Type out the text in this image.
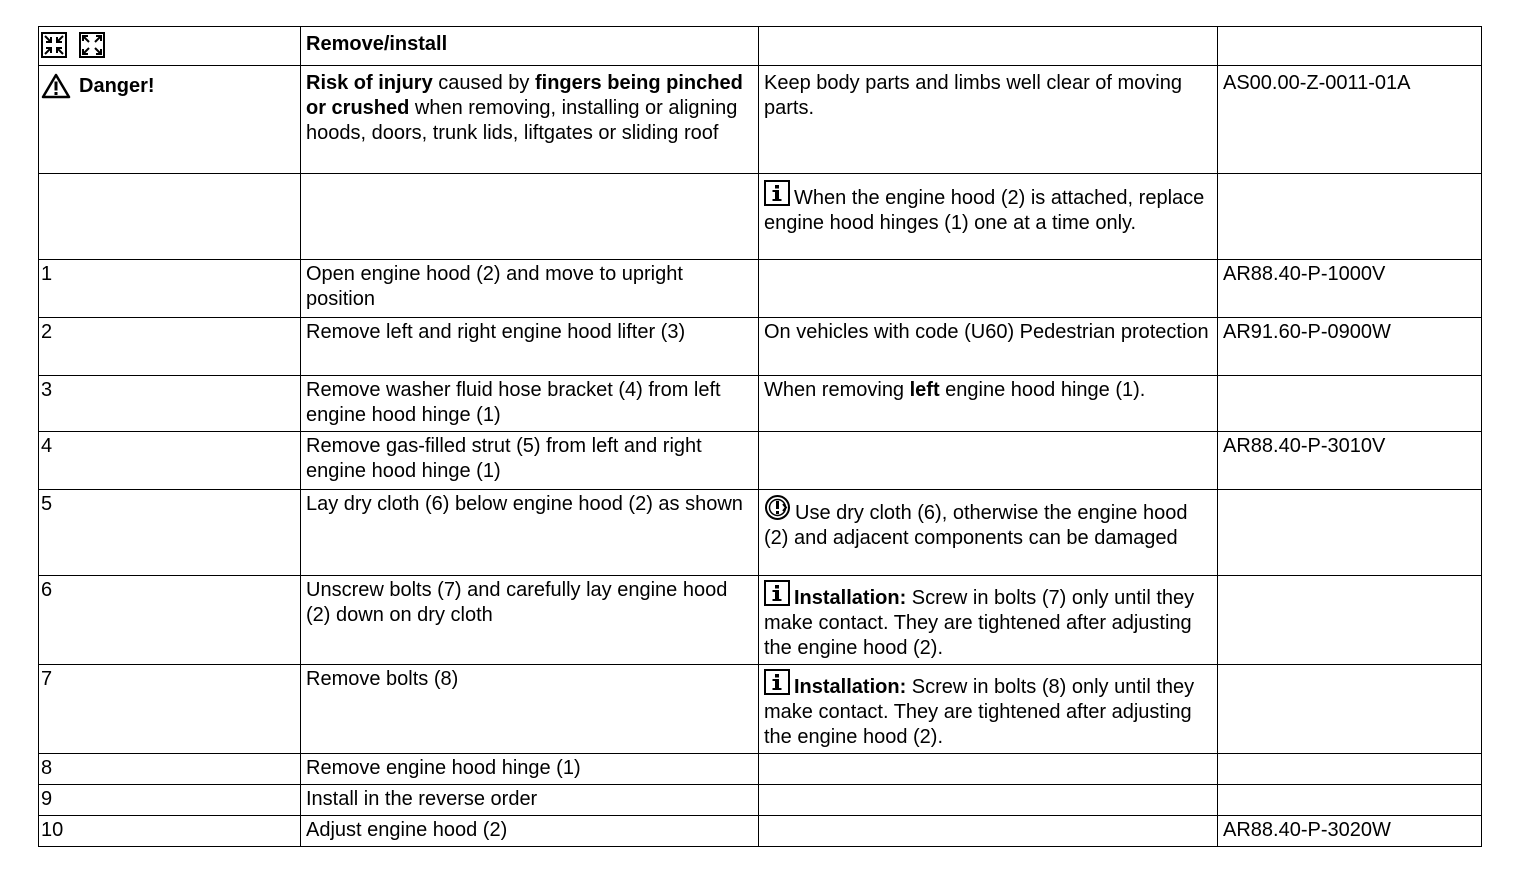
	Remove/install		

Danger!	Risk of injury caused by fingers being pinched or crushed when removing, installing or aligning hoods, doors, trunk lids, liftgates or sliding roof	Keep body parts and limbs well clear of moving parts.	AS00.00-Z-0011-01A
		When the engine hood (2) is attached, replace engine hood hinges (1) one at a time only.	
1	Open engine hood (2) and move to upright position		AR88.40-P-1000V
2	Remove left and right engine hood lifter (3)	On vehicles with code (U60) Pedestrian protection	AR91.60-P-0900W
3	Remove washer fluid hose bracket (4) from left engine hood hinge (1)	When removing left engine hood hinge (1).	
4	Remove gas-filled strut (5) from left and right engine hood hinge (1)		AR88.40-P-3010V
5	Lay dry cloth (6) below engine hood (2) as shown	Use dry cloth (6), otherwise the engine hood (2) and adjacent components can be damaged	
6	Unscrew bolts (7) and carefully lay engine hood (2) down on dry cloth	Installation: Screw in bolts (7) only until they make contact. They are tightened after adjusting the engine hood (2).	
7	Remove bolts (8)	Installation: Screw in bolts (8) only until they make contact. They are tightened after adjusting the engine hood (2).	
8	Remove engine hood hinge (1)		
9	Install in the reverse order		
10	Adjust engine hood (2)		AR88.40-P-3020W
